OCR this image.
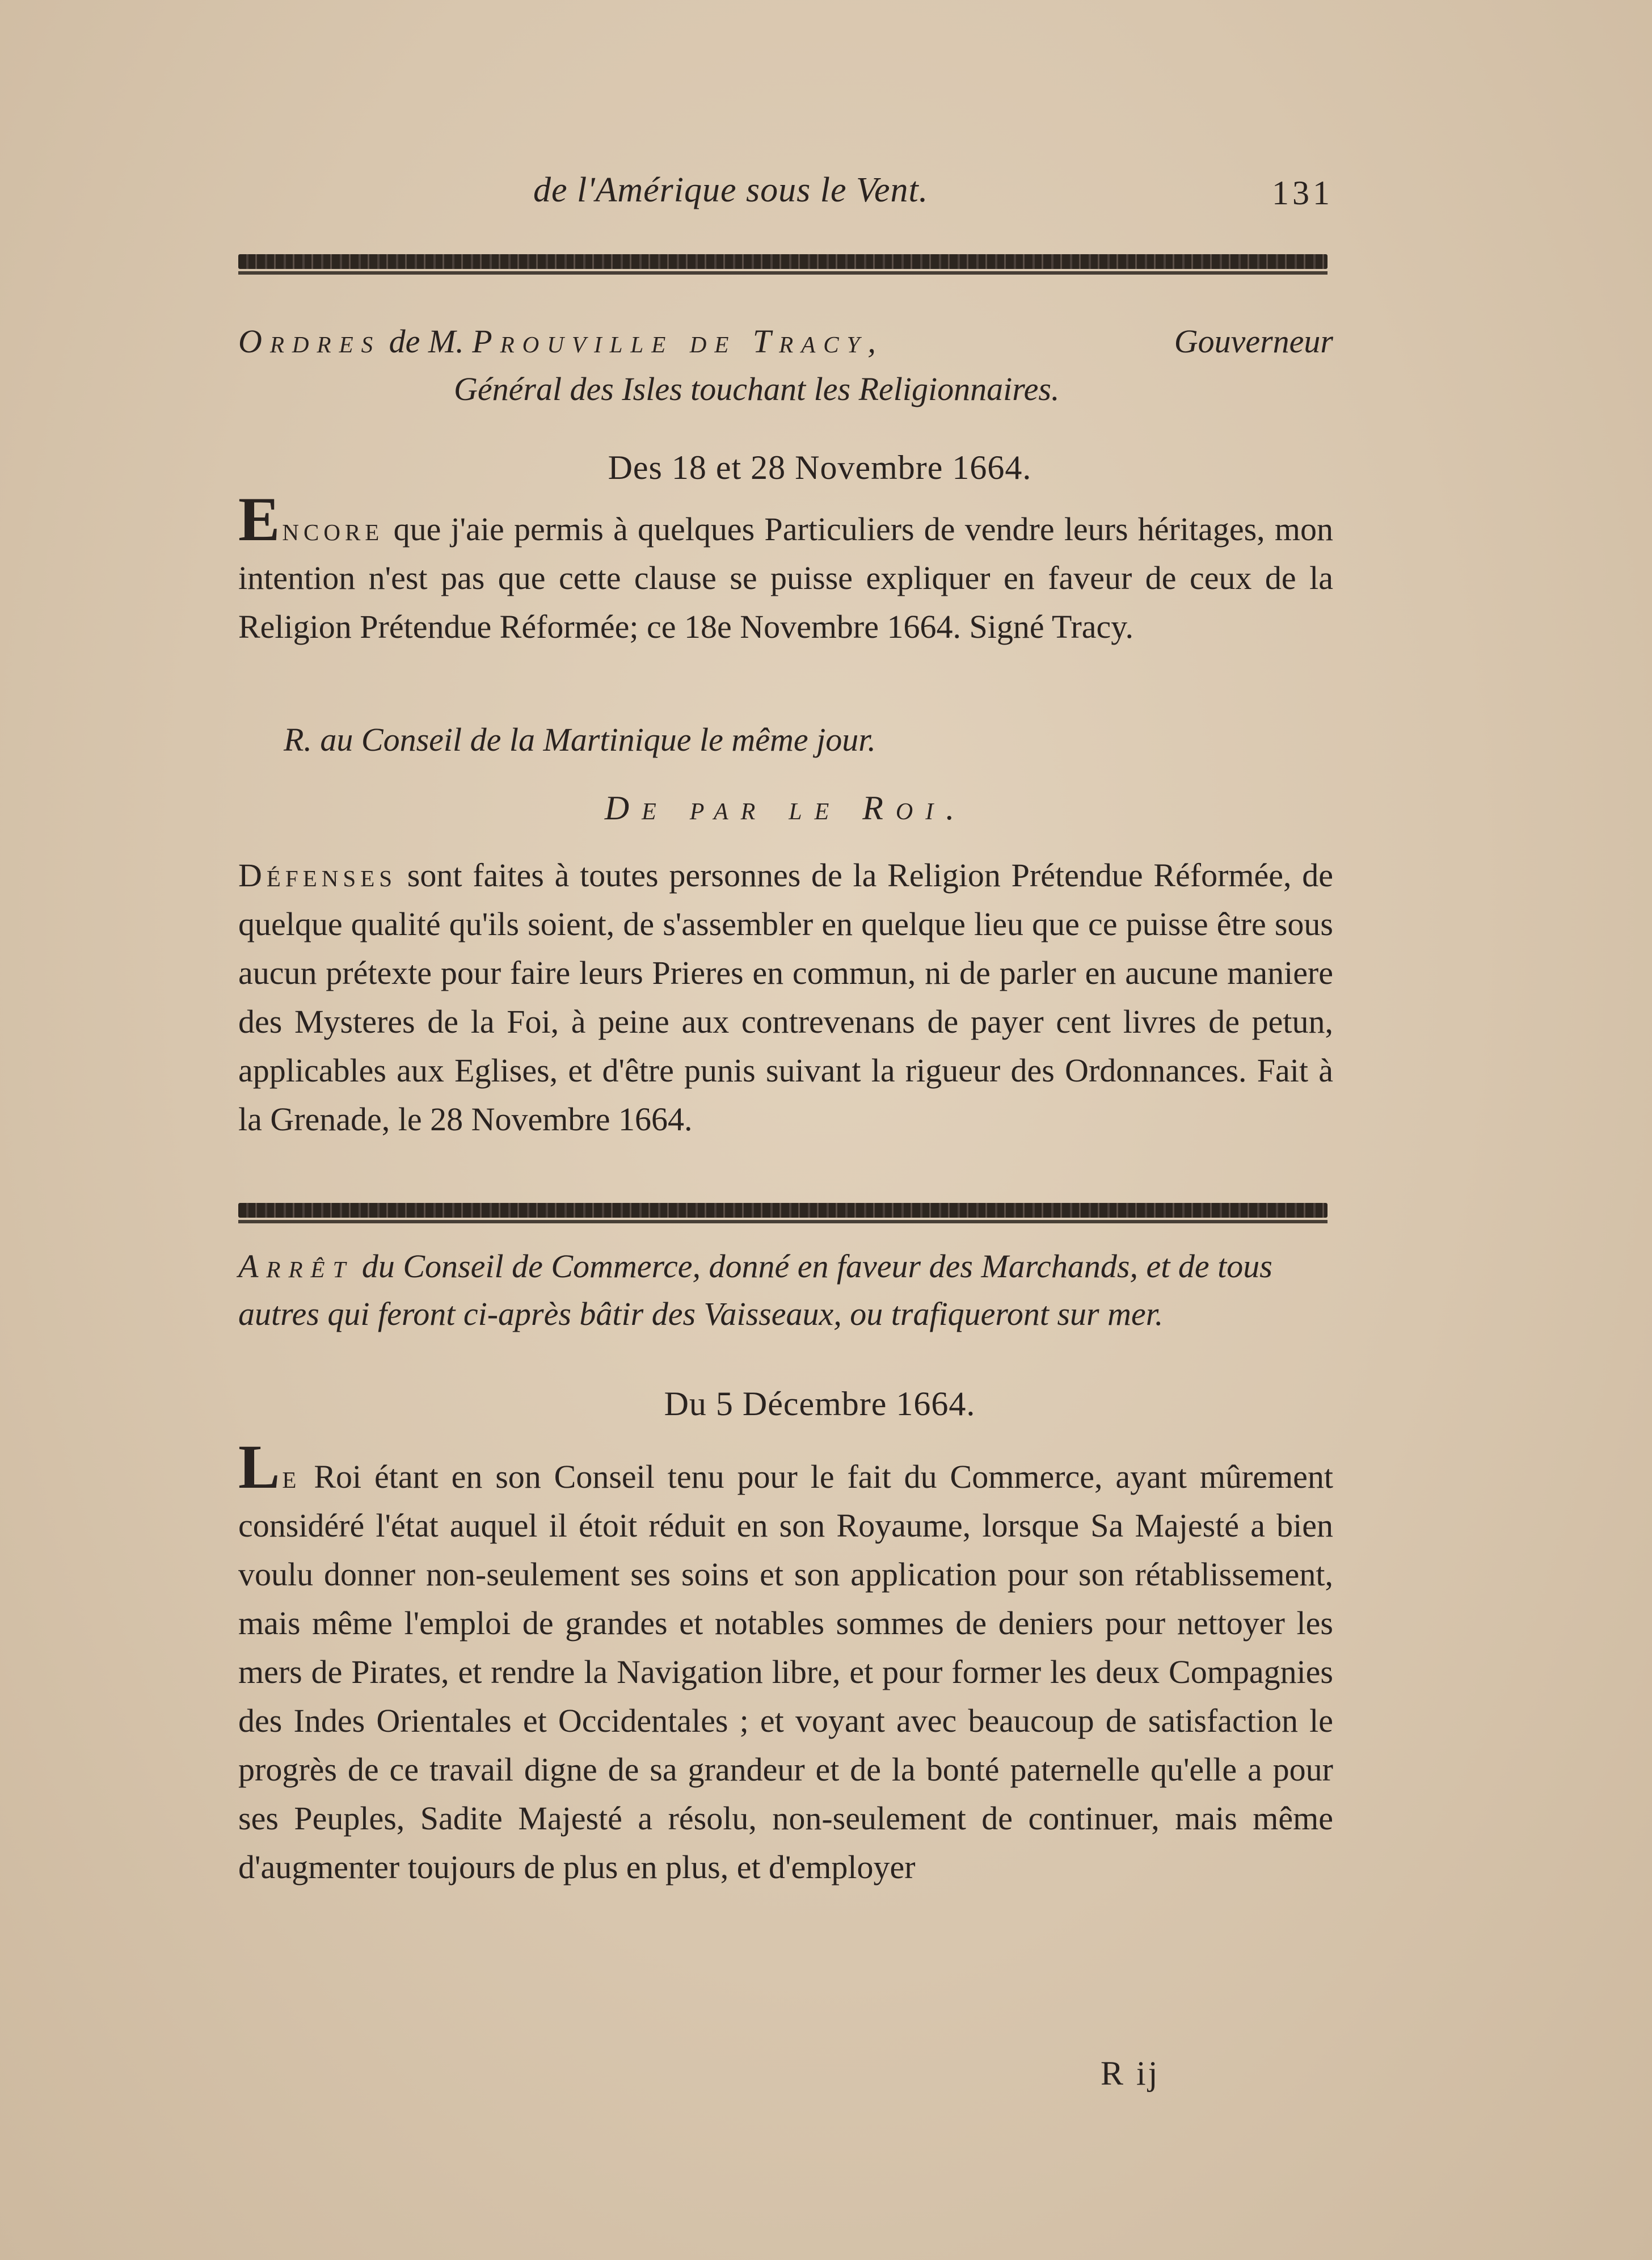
de l'Amérique sous le Vent.	131
Ordres de M. Prouville de Tracy,	Gouverneur
Général des Isles touchant les Religionnaires.
Des 18 et 28 Novembre 1664.
Encore que j'aie permis à quelques Particuliers de vendre leurs héritages, mon intention n'est pas que cette clause se puisse expliquer en faveur de ceux de la Religion Prétendue Réformée; ce 18e Novembre 1664. Signé Tracy.
R. au Conseil de la Martinique le même jour.
De par le Roi.
Défenses sont faites à toutes personnes de la Religion Prétendue Réformée, de quelque qualité qu'ils soient, de s'assembler en quelque lieu que ce puisse être sous aucun prétexte pour faire leurs Prieres en commun, ni de parler en aucune maniere des Mysteres de la Foi, à peine aux contrevenans de payer cent livres de petun, applicables aux Eglises, et d'être punis suivant la rigueur des Ordonnances. Fait à la Grenade, le 28 Novembre 1664.
Arrêt du Conseil de Commerce, donné en faveur des Marchands, et de tous autres qui feront ci-après bâtir des Vaisseaux, ou trafiqueront sur mer.
Du 5 Décembre 1664.
Le Roi étant en son Conseil tenu pour le fait du Commerce, ayant mûrement considéré l'état auquel il étoit réduit en son Royaume, lorsque Sa Majesté a bien voulu donner non-seulement ses soins et son application pour son rétablissement, mais même l'emploi de grandes et notables sommes de deniers pour nettoyer les mers de Pirates, et rendre la Navigation libre, et pour former les deux Compagnies des Indes Orientales et Occidentales ; et voyant avec beaucoup de satisfaction le progrès de ce travail digne de sa grandeur et de la bonté paternelle qu'elle a pour ses Peuples, Sadite Majesté a résolu, non-seulement de continuer, mais même d'augmenter toujours de plus en plus, et d'employer
R ij
